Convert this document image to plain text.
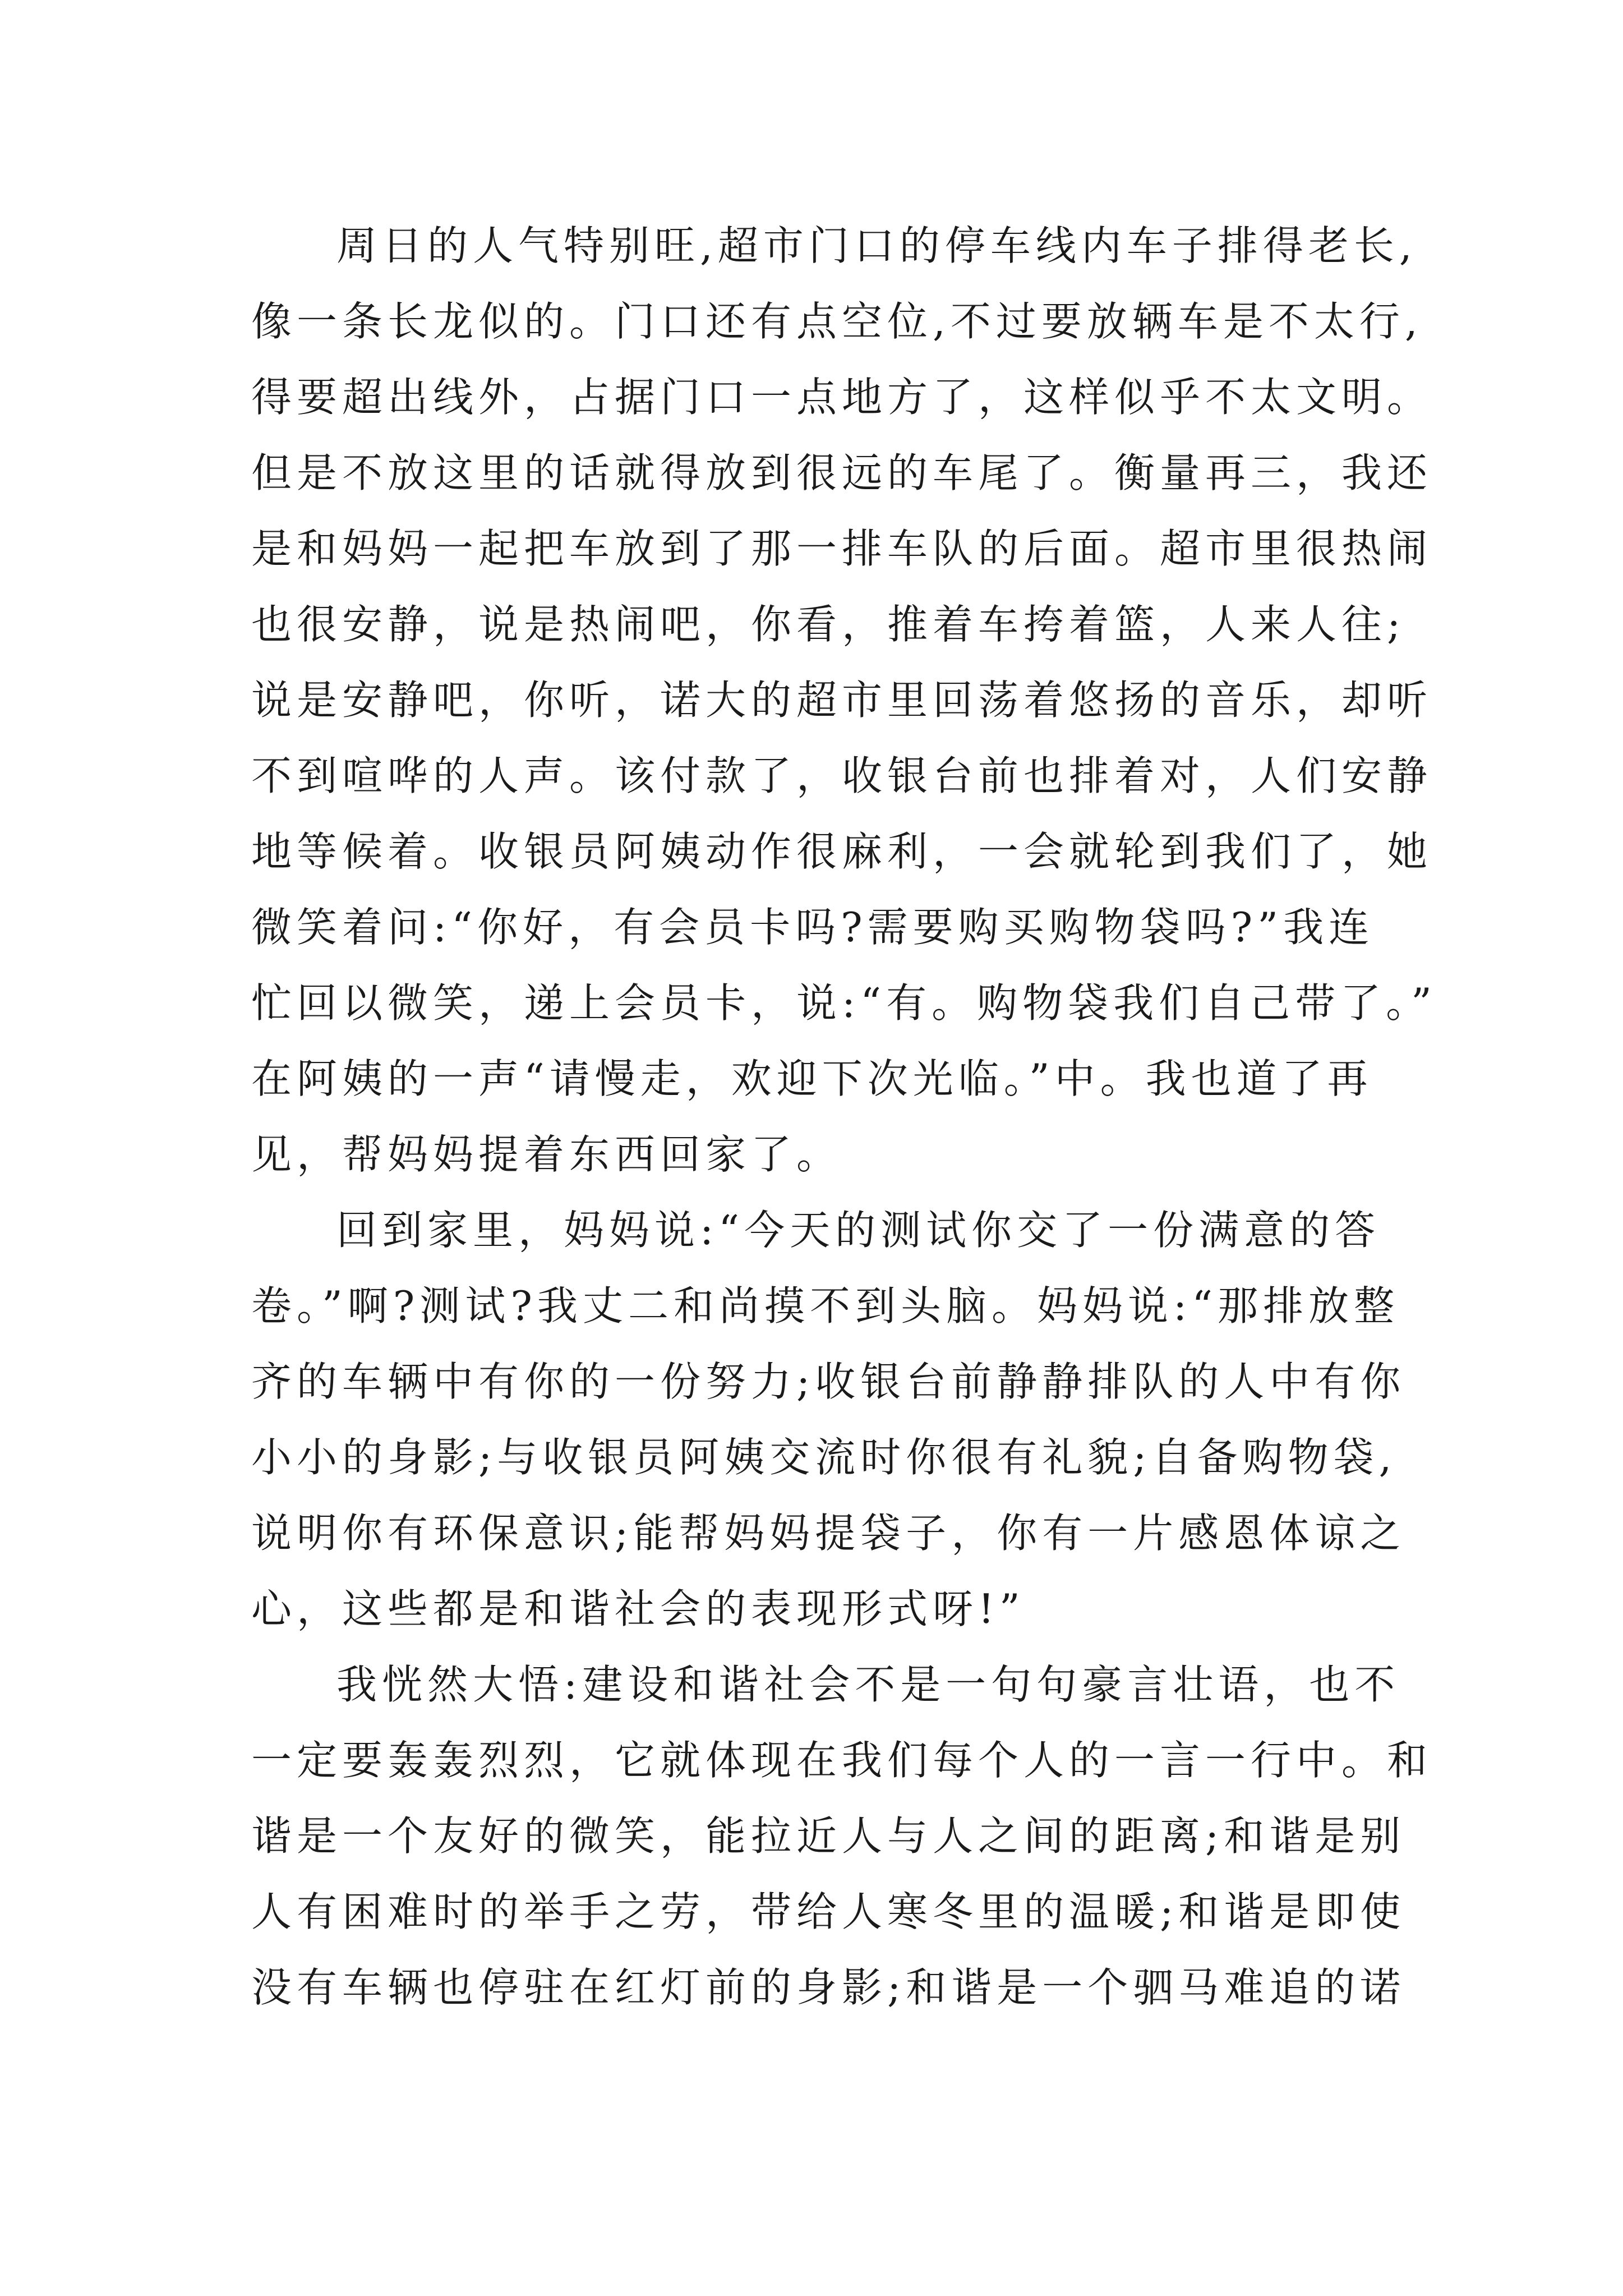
周日的人气特别旺,超市门口的停车线内车子排得老长,
像一条长龙似的。门口还有点空位,不过要放辆车是不太行,
得要超出线外，占据门口一点地方了，这样似乎不太文明。
但是不放这里的话就得放到很远的车尾了。衡量再三，我还
是和妈妈一起把车放到了那一排车队的后面。超市里很热闹
也很安静，说是热闹吧，你看，推着车挎着篮，人来人往;
说是安静吧，你听，诺大的超市里回荡着悠扬的音乐，却听
不到喧哗的人声。该付款了，收银台前也排着对，人们安静
地等候着。收银员阿姨动作很麻利，一会就轮到我们了，她
微笑着问:“你好，有会员卡吗?需要购买购物袋吗?”我连
忙回以微笑，递上会员卡，说:“有。购物袋我们自己带了。”
在阿姨的一声“请慢走，欢迎下次光临。”中。我也道了再
见，帮妈妈提着东西回家了。
回到家里，妈妈说:“今天的测试你交了一份满意的答
卷。”啊?测试?我丈二和尚摸不到头脑。妈妈说:“那排放整
齐的车辆中有你的一份努力;收银台前静静排队的人中有你
小小的身影;与收银员阿姨交流时你很有礼貌;自备购物袋,
说明你有环保意识;能帮妈妈提袋子，你有一片感恩体谅之
心，这些都是和谐社会的表现形式呀!”
我恍然大悟:建设和谐社会不是一句句豪言壮语，也不
一定要轰轰烈烈，它就体现在我们每个人的一言一行中。和
谐是一个友好的微笑，能拉近人与人之间的距离;和谐是别
人有困难时的举手之劳，带给人寒冬里的温暖;和谐是即使
没有车辆也停驻在红灯前的身影;和谐是一个驷马难追的诺
